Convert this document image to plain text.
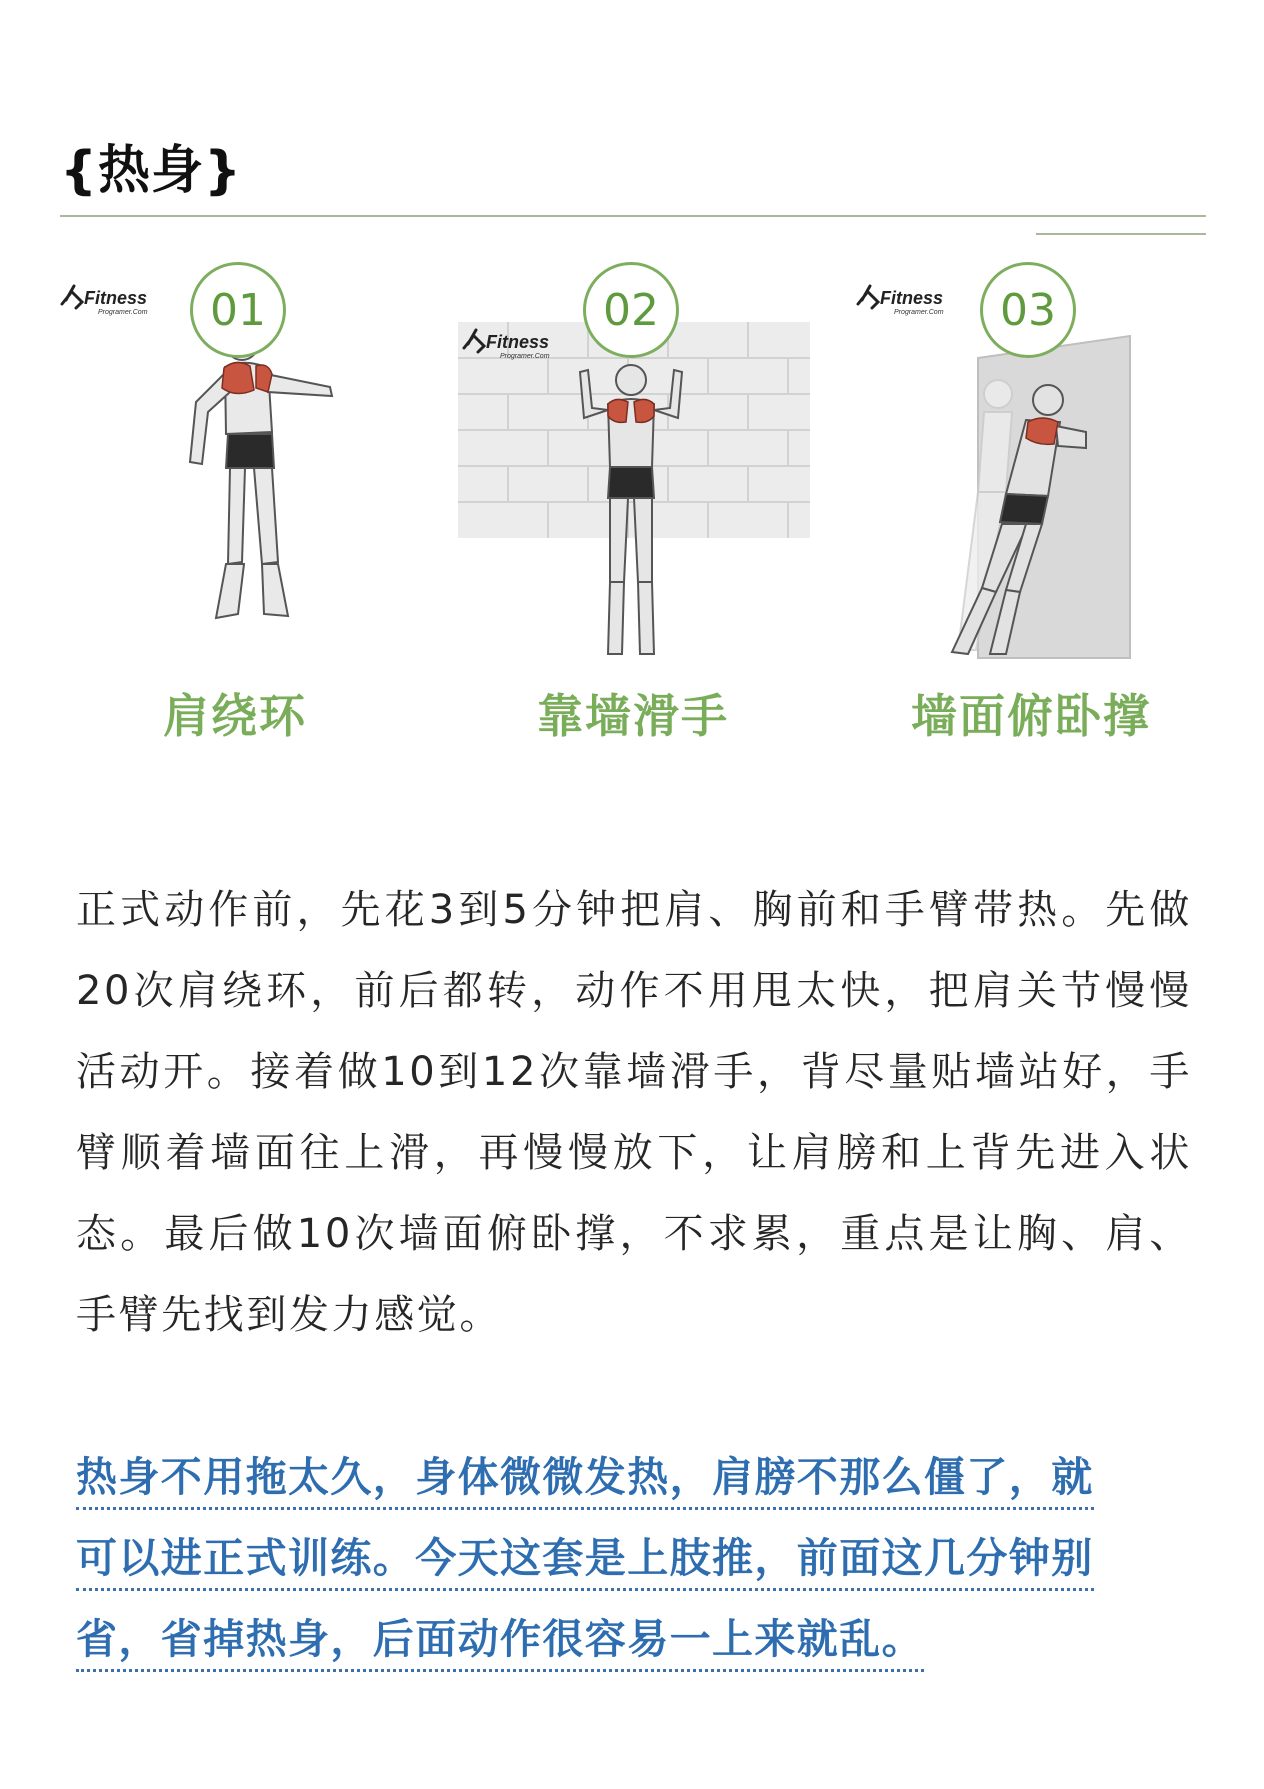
{热身}
01
Fitness
Programer.Com
肩绕环
02
Fitness
Programer.Com
靠墙滑手
03
Fitness
Programer.Com
墙面俯卧撑

正式动作前，先花3到5分钟把肩、胸前和手臂带热。先做20次肩绕环，前后都转，动作不用甩太快，把肩关节慢慢活动开。接着做10到12次靠墙滑手，背尽量贴墙站好，手臂顺着墙面往上滑，再慢慢放下，让肩膀和上背先进入状态。最后做10次墙面俯卧撑，不求累，重点是让胸、肩、手臂先找到发力感觉。

热身不用拖太久，身体微微发热，肩膀不那么僵了，就
可以进正式训练。今天这套是上肢推，前面这几分钟别
省，省掉热身，后面动作很容易一上来就乱。
